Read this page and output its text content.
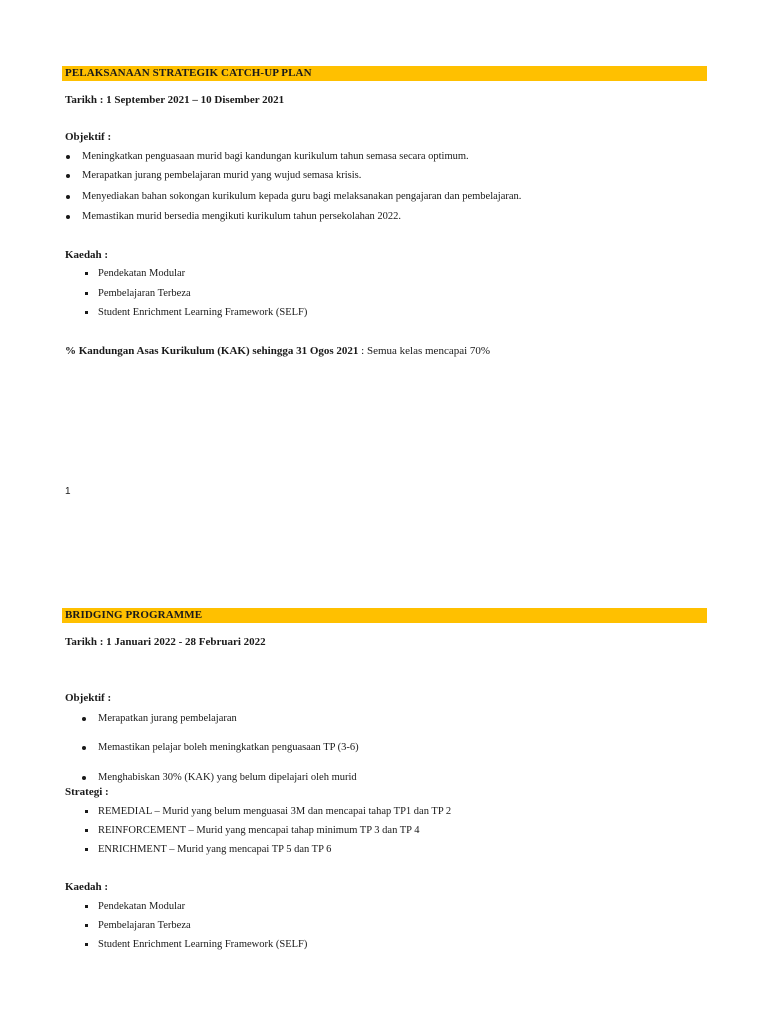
PELAKSANAAN STRATEGIK CATCH-UP PLAN
Tarikh : 1 September 2021 – 10 Disember 2021
Objektif :
Meningkatkan penguasaan murid bagi kandungan kurikulum tahun semasa secara optimum.
Merapatkan jurang pembelajaran murid yang wujud semasa krisis.
Menyediakan bahan sokongan kurikulum kepada guru bagi melaksanakan pengajaran dan pembelajaran.
Memastikan murid bersedia mengikuti kurikulum tahun persekolahan 2022.
Kaedah :
Pendekatan Modular
Pembelajaran Terbeza
Student Enrichment Learning Framework (SELF)
% Kandungan Asas Kurikulum (KAK) sehingga 31 Ogos 2021 : Semua kelas mencapai 70%
1
BRIDGING PROGRAMME
Tarikh : 1 Januari 2022 - 28 Februari 2022
Objektif :
Merapatkan jurang pembelajaran
Memastikan pelajar boleh meningkatkan penguasaan TP (3-6)
Menghabiskan 30% (KAK) yang belum dipelajari oleh murid
Strategi :
REMEDIAL – Murid yang belum menguasai 3M dan mencapai tahap TP1 dan TP 2
REINFORCEMENT – Murid yang mencapai tahap minimum TP 3 dan TP 4
ENRICHMENT – Murid yang mencapai TP 5 dan TP 6
Kaedah :
Pendekatan Modular
Pembelajaran Terbeza
Student Enrichment Learning Framework (SELF)
